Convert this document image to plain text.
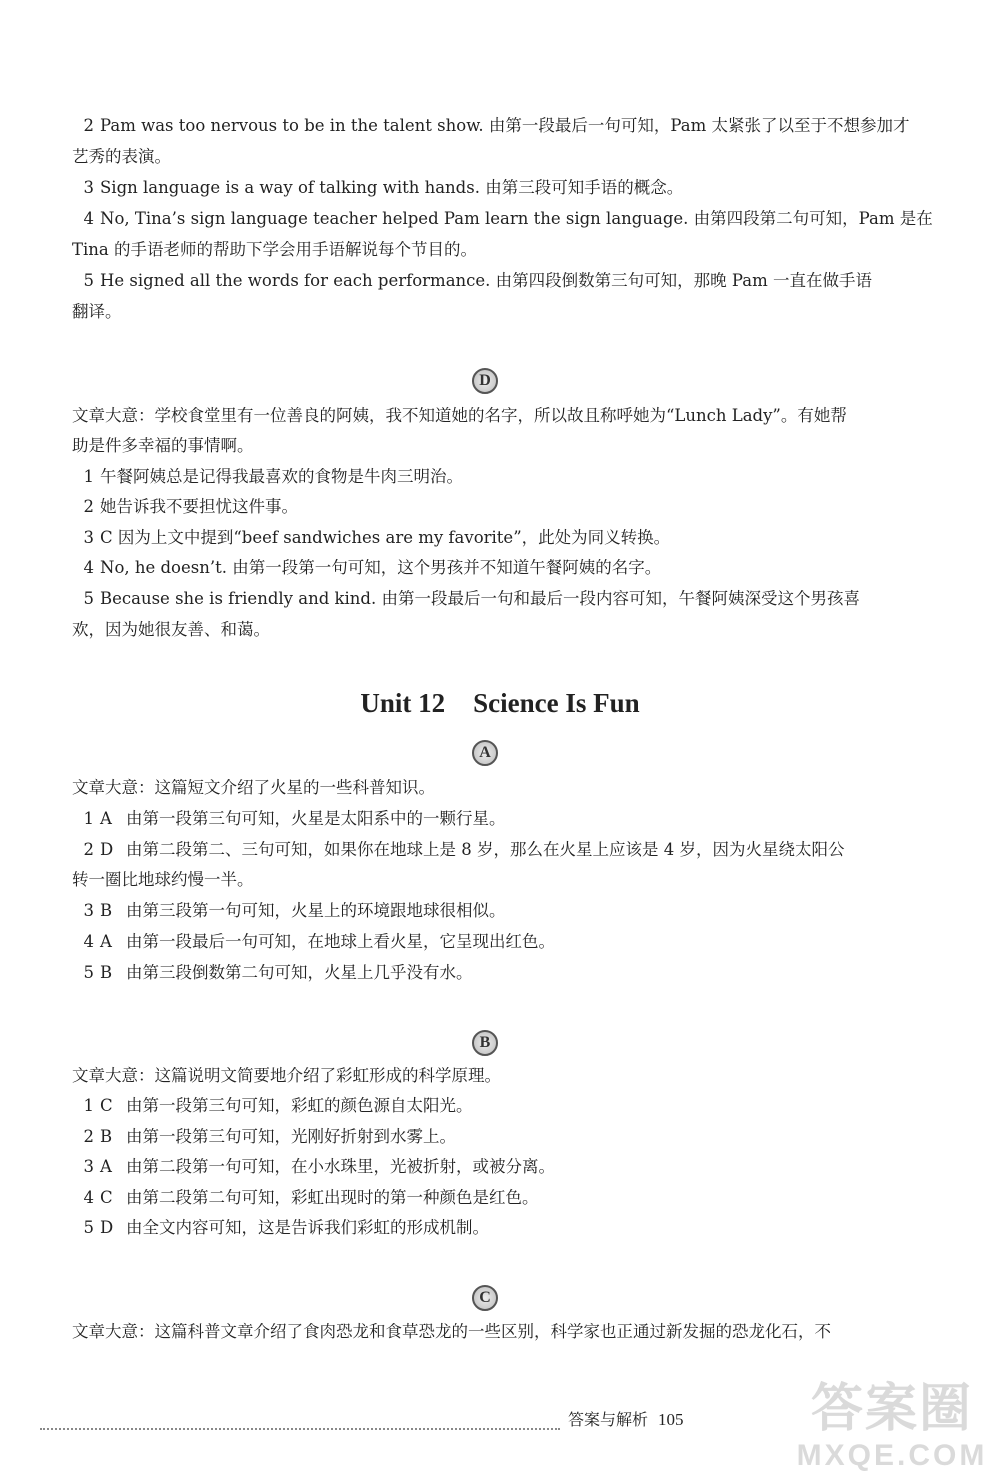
2 Pam was too nervous to be in the talent show. 由第一段最后一句可知，Pam 太紧张了以至于不想参加才
艺秀的表演。
3 Sign language is a way of talking with hands. 由第三段可知手语的概念。
4 No, Tina’s sign language teacher helped Pam learn the sign language. 由第四段第二句可知，Pam 是在
Tina 的手语老师的帮助下学会用手语解说每个节目的。
5 He signed all the words for each performance. 由第四段倒数第三句可知，那晚 Pam 一直在做手语
翻译。
D
文章大意：学校食堂里有一位善良的阿姨，我不知道她的名字，所以故且称呼她为“Lunch Lady”。有她帮
助是件多幸福的事情啊。
1 午餐阿姨总是记得我最喜欢的食物是牛肉三明治。
2 她告诉我不要担忧这件事。
3 C 因为上文中提到“beef sandwiches are my favorite”，此处为同义转换。
4 No, he doesn’t. 由第一段第一句可知，这个男孩并不知道午餐阿姨的名字。
5 Because she is friendly and kind. 由第一段最后一句和最后一段内容可知，午餐阿姨深受这个男孩喜
欢，因为她很友善、和蔼。
Unit 12 Science Is Fun
A
文章大意：这篇短文介绍了火星的一些科普知识。
1 A 由第一段第三句可知，火星是太阳系中的一颗行星。
2 D 由第二段第二、三句可知，如果你在地球上是 8 岁，那么在火星上应该是 4 岁，因为火星绕太阳公
转一圈比地球约慢一半。
3 B 由第三段第一句可知，火星上的环境跟地球很相似。
4 A 由第一段最后一句可知，在地球上看火星，它呈现出红色。
5 B 由第三段倒数第二句可知，火星上几乎没有水。
B
文章大意：这篇说明文简要地介绍了彩虹形成的科学原理。
1 C 由第一段第三句可知，彩虹的颜色源自太阳光。
2 B 由第一段第三句可知，光刚好折射到水雾上。
3 A 由第二段第一句可知，在小水珠里，光被折射，或被分离。
4 C 由第二段第二句可知，彩虹出现时的第一种颜色是红色。
5 D 由全文内容可知，这是告诉我们彩虹的形成机制。
C
文章大意：这篇科普文章介绍了食肉恐龙和食草恐龙的一些区别，科学家也正通过新发掘的恐龙化石，不
答案与解析 105	答案圈
MXQE.COM
